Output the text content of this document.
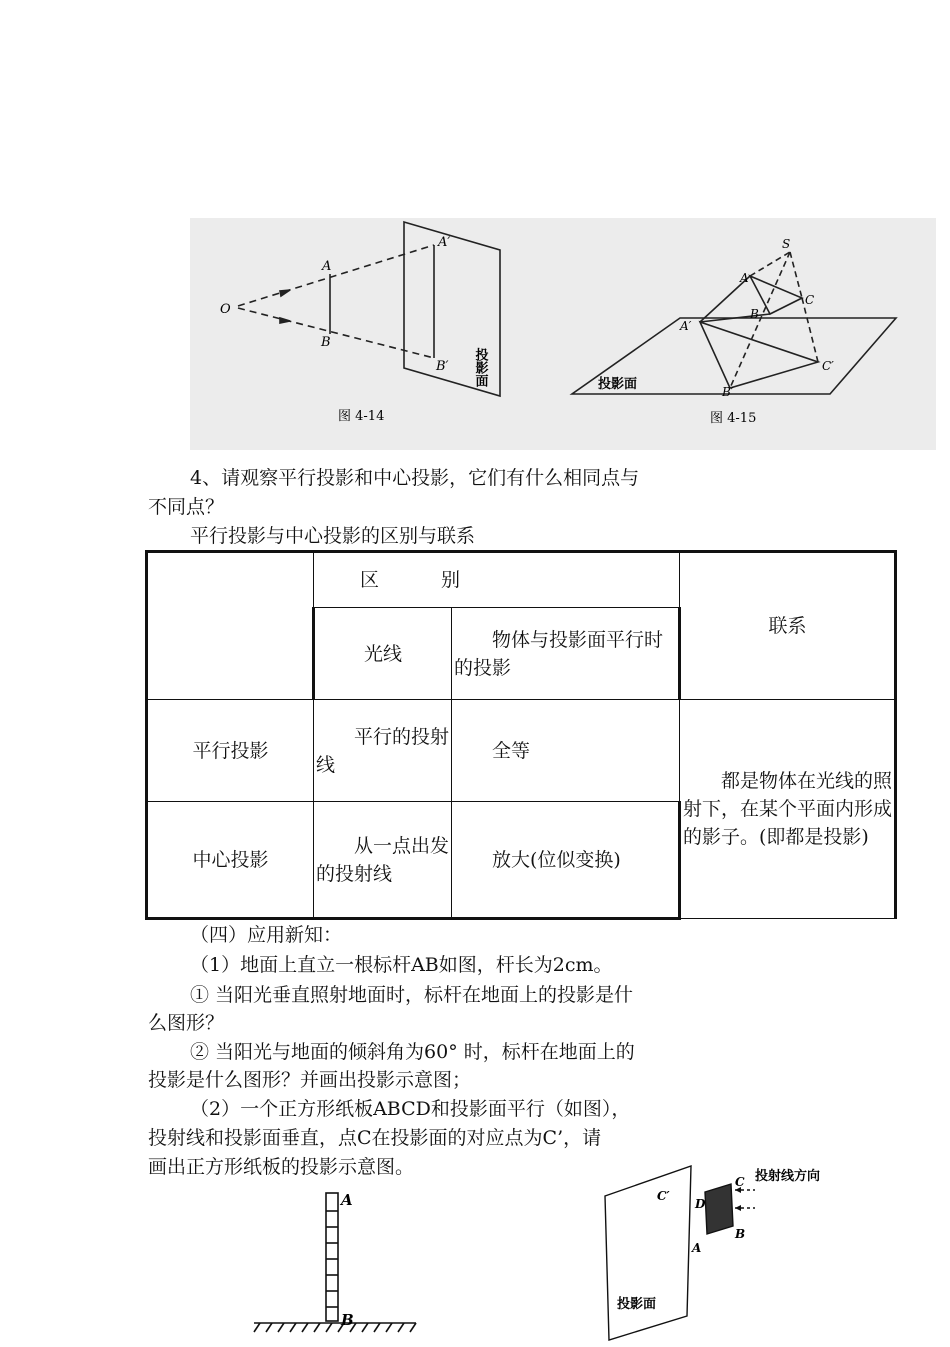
O
A
B
A′
B′ 投影面
图 4-14
S
A
B
C
A′
B′
C′
投影面
图 4-15
4、请观察平行投影和中心投影，它们有什么相同点与
不同点？
平行投影与中心投影的区别与联系
	区 别		联系
	光线	物体与投影面平行时的投影	
平行投影	平行的投射线	全等	都是物体在光线的照射下，在某个平面内形成的影子。(即都是投影)
中心投影	从一点出发的投射线	放大(位似变换)	
（四）应用新知：
（1）地面上直立一根标杆AB如图，杆长为2cm。
① 当阳光垂直照射地面时，标杆在地面上的投影是什
么图形？
② 当阳光与地面的倾斜角为60° 时，标杆在地面上的
投影是什么图形？并画出投影示意图；
（2）一个正方形纸板ABCD和投影面平行（如图），
投射线和投影面垂直，点C在投影面的对应点为C’，请
画出正方形纸板的投影示意图。
A
B
C′
D
C
B
A
投射线方向
投影面
